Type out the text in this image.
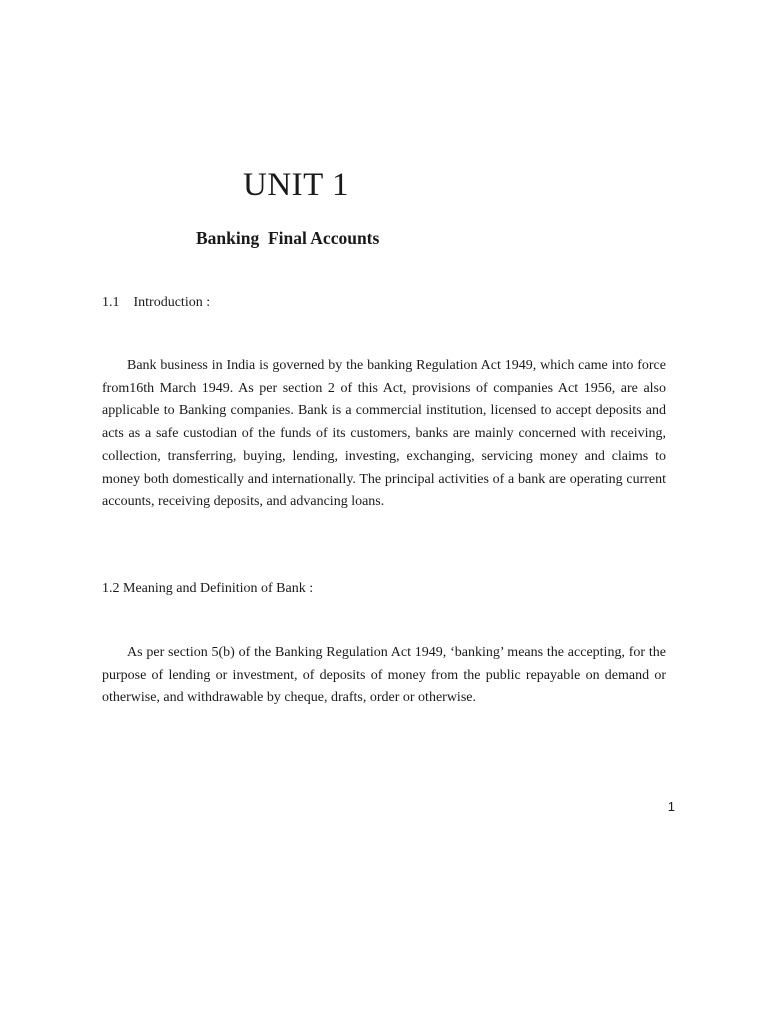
UNIT 1
Banking  Final Accounts
1.1    Introduction :

Bank business in India is governed by the banking Regulation Act 1949, which came into force from16th March 1949. As per section 2 of this Act, provisions of companies Act 1956, are also applicable to Banking companies. Bank is a commercial institution, licensed to accept deposits and acts as a safe custodian of the funds of its customers, banks are mainly concerned with receiving, collection, transferring, buying, lending, investing, exchanging, servicing money and claims to money both domestically and internationally. The principal activities of a bank are operating current accounts, receiving deposits, and advancing loans.

1.2 Meaning and Definition of Bank :

As per section 5(b) of the Banking Regulation Act 1949, ‘banking’ means the accepting, for the purpose of lending or investment, of deposits of money from the public repayable on demand or otherwise, and withdrawable by cheque, drafts, order or otherwise.

1
